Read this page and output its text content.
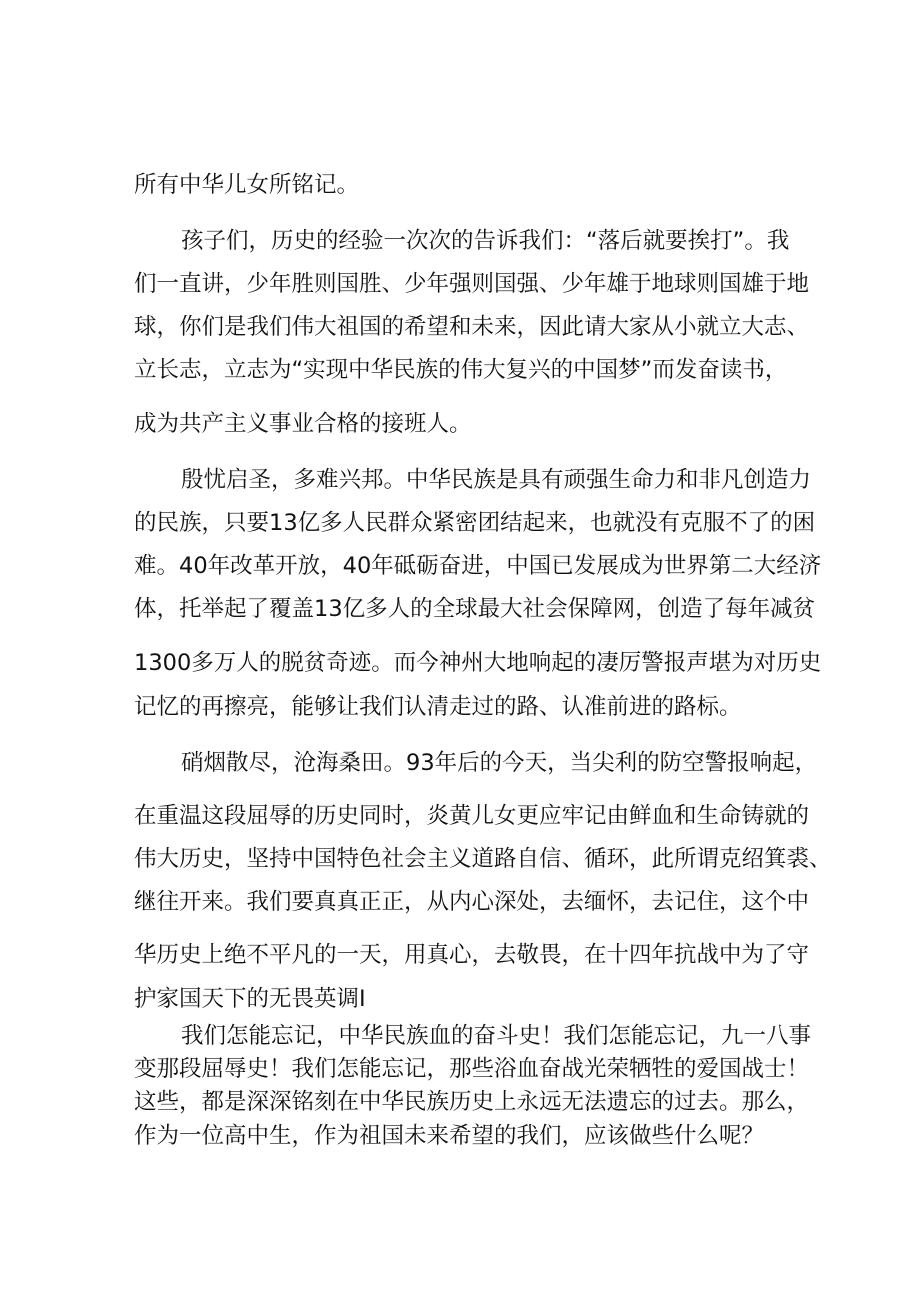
所有中华儿女所铭记。

孩子们，历史的经验一次次的告诉我们：“落后就要挨打”。我

们一直讲，少年胜则国胜、少年强则国强、少年雄于地球则国雄于地

球，你们是我们伟大祖国的希望和未来，因此请大家从小就立大志、

立长志，立志为“实现中华民族的伟大复兴的中国梦”而发奋读书，

成为共产主义事业合格的接班人。

殷忧启圣，多难兴邦。中华民族是具有顽强生命力和非凡创造力

的民族，只要13亿多人民群众紧密团结起来，也就没有克服不了的困

难。40年改革开放，40年砥砺奋进，中国已发展成为世界第二大经济

体，托举起了覆盖13亿多人的全球最大社会保障网，创造了每年减贫

1300多万人的脱贫奇迹。而今神州大地响起的凄厉警报声堪为对历史

记忆的再擦亮，能够让我们认清走过的路、认准前进的路标。

硝烟散尽，沧海桑田。93年后的今天，当尖利的防空警报响起，

在重温这段屈辱的历史同时，炎黄儿女更应牢记由鲜血和生命铸就的

伟大历史，坚持中国特色社会主义道路自信、循环，此所谓克绍箕裘、

继往开来。我们要真真正正，从内心深处，去缅怀，去记住，这个中

华历史上绝不平凡的一天，用真心，去敬畏，在十四年抗战中为了守

护家国天下的无畏英调I

我们怎能忘记，中华民族血的奋斗史！我们怎能忘记，九一八事

变那段屈辱史！我们怎能忘记，那些浴血奋战光荣牺牲的爱国战士！

这些，都是深深铭刻在中华民族历史上永远无法遗忘的过去。那么，

作为一位高中生，作为祖国未来希望的我们，应该做些什么呢？
